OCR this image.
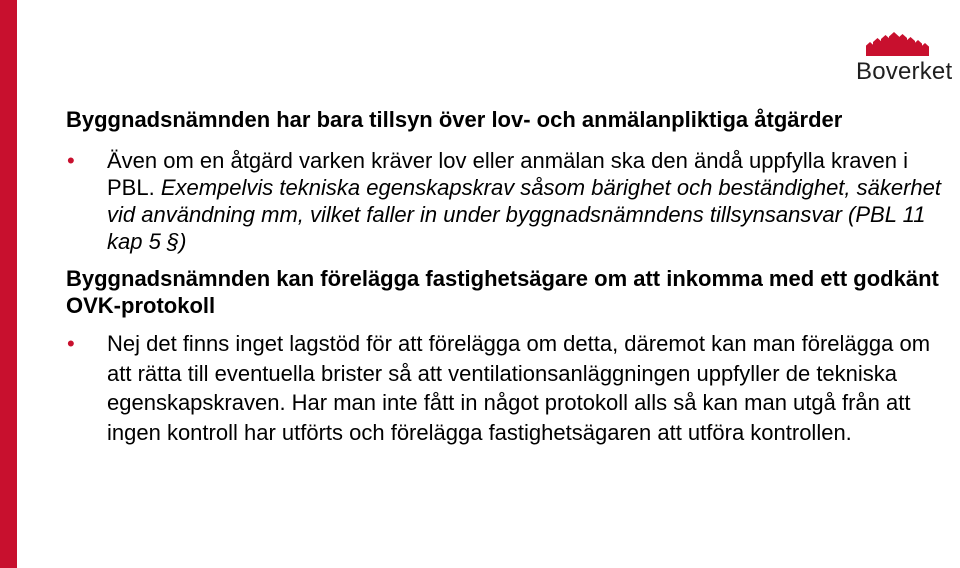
Boverket

Byggnadsnämnden har bara tillsyn över lov- och anmälanpliktiga åtgärder

• Även om en åtgärd varken kräver lov eller anmälan ska den ändå uppfylla kraven i PBL. Exempelvis tekniska egenskapskrav såsom bärighet och beständighet, säkerhet vid användning mm, vilket faller in under byggnadsnämndens tillsynsansvar (PBL 11 kap 5 §)

Byggnadsnämnden kan förelägga fastighetsägare om att inkomma med ett godkänt OVK-protokoll

• Nej det finns inget lagstöd för att förelägga om detta, däremot kan man förelägga om att rätta till eventuella brister så att ventilationsanläggningen uppfyller de tekniska egenskapskraven. Har man inte fått in något protokoll alls så kan man utgå från att ingen kontroll har utförts och förelägga fastighetsägaren att utföra kontrollen.
